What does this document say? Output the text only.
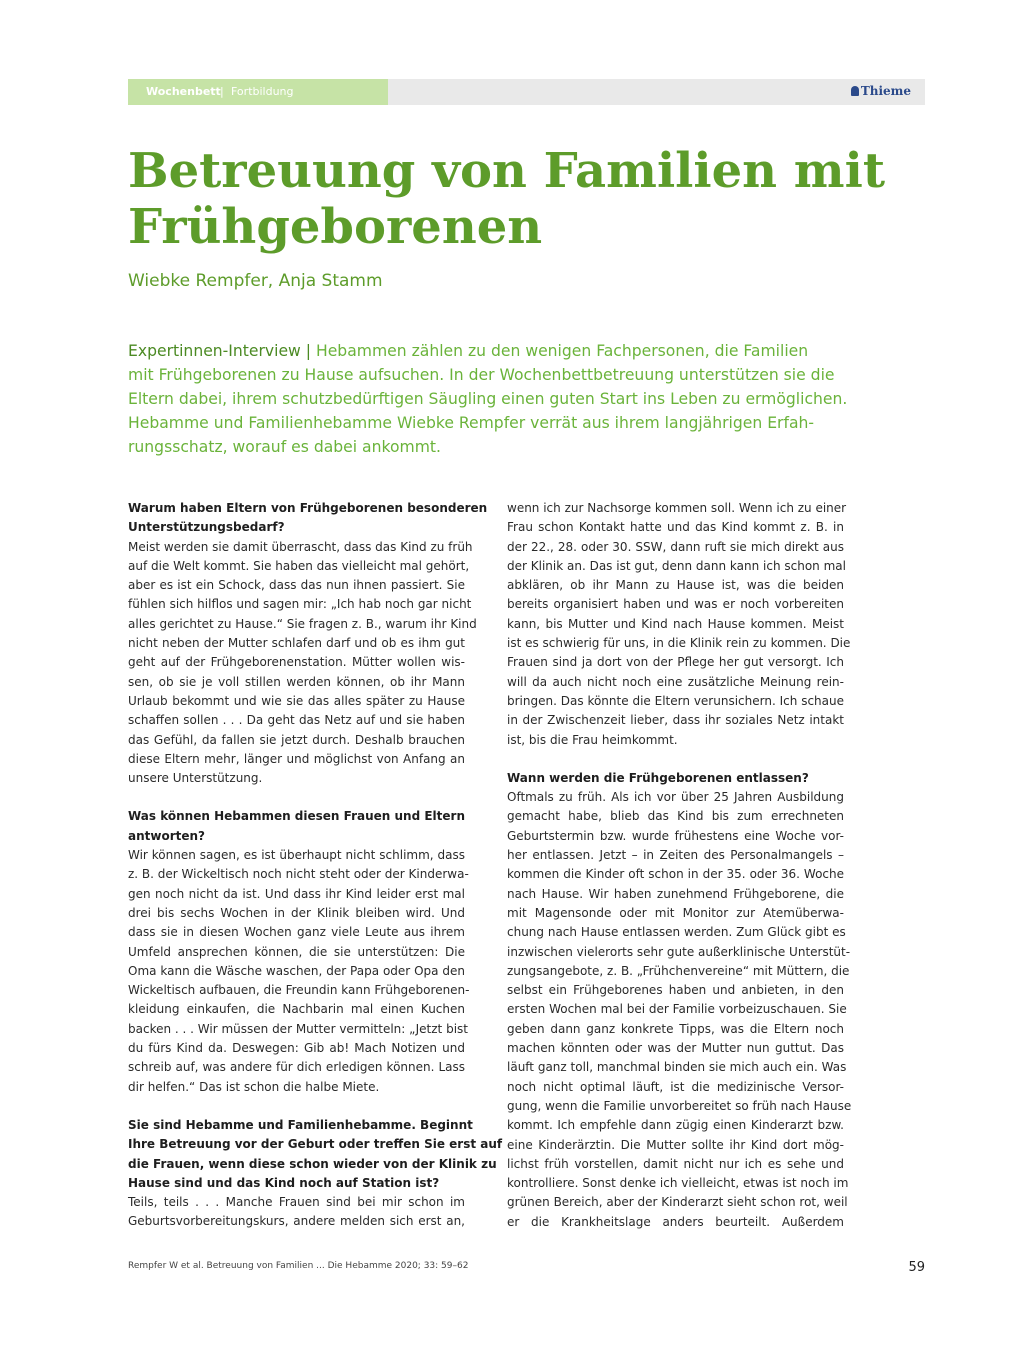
Wochenbett | Fortbildung	Thieme
Betreuung von Familien mit
Frühgeborenen
Wiebke Rempfer, Anja Stamm
Expertinnen-Interview | Hebammen zählen zu den wenigen Fachpersonen, die Familien
mit Frühgeborenen zu Hause aufsuchen. In der Wochenbettbetreuung unterstützen sie die
Eltern dabei, ihrem schutzbedürftigen Säugling einen guten Start ins Leben zu ermöglichen.
Hebamme und Familienhebamme Wiebke Rempfer verrät aus ihrem langjährigen Erfah-
rungsschatz, worauf es dabei ankommt.
Warum haben Eltern von Frühgeborenen besonderen
Unterstützungsbedarf?
Meist werden sie damit überrascht, dass das Kind zu früh
auf die Welt kommt. Sie haben das vielleicht mal gehört,
aber es ist ein Schock, dass das nun ihnen passiert. Sie
fühlen sich hilflos und sagen mir: „Ich hab noch gar nicht
alles gerichtet zu Hause.“ Sie fragen z. B., warum ihr Kind
nicht neben der Mutter schlafen darf und ob es ihm gut
geht auf der Frühgeborenenstation. Mütter wollen wis-
sen, ob sie je voll stillen werden können, ob ihr Mann
Urlaub bekommt und wie sie das alles später zu Hause
schaffen sollen . . . Da geht das Netz auf und sie haben
das Gefühl, da fallen sie jetzt durch. Deshalb brauchen
diese Eltern mehr, länger und möglichst von Anfang an
unsere Unterstützung.
Was können Hebammen diesen Frauen und Eltern
antworten?
Wir können sagen, es ist überhaupt nicht schlimm, dass
z. B. der Wickeltisch noch nicht steht oder der Kinderwa-
gen noch nicht da ist. Und dass ihr Kind leider erst mal
drei bis sechs Wochen in der Klinik bleiben wird. Und
dass sie in diesen Wochen ganz viele Leute aus ihrem
Umfeld ansprechen können, die sie unterstützen: Die
Oma kann die Wäsche waschen, der Papa oder Opa den
Wickeltisch aufbauen, die Freundin kann Frühgeborenen-
kleidung einkaufen, die Nachbarin mal einen Kuchen
backen . . . Wir müssen der Mutter vermitteln: „Jetzt bist
du fürs Kind da. Deswegen: Gib ab! Mach Notizen und
schreib auf, was andere für dich erledigen können. Lass
dir helfen.“ Das ist schon die halbe Miete.
Sie sind Hebamme und Familienhebamme. Beginnt
Ihre Betreuung vor der Geburt oder treffen Sie erst auf
die Frauen, wenn diese schon wieder von der Klinik zu
Hause sind und das Kind noch auf Station ist?
Teils, teils . . . Manche Frauen sind bei mir schon im
Geburtsvorbereitungskurs, andere melden sich erst an,
wenn ich zur Nachsorge kommen soll. Wenn ich zu einer
Frau schon Kontakt hatte und das Kind kommt z. B. in
der 22., 28. oder 30. SSW, dann ruft sie mich direkt aus
der Klinik an. Das ist gut, denn dann kann ich schon mal
abklären, ob ihr Mann zu Hause ist, was die beiden
bereits organisiert haben und was er noch vorbereiten
kann, bis Mutter und Kind nach Hause kommen. Meist
ist es schwierig für uns, in die Klinik rein zu kommen. Die
Frauen sind ja dort von der Pflege her gut versorgt. Ich
will da auch nicht noch eine zusätzliche Meinung rein-
bringen. Das könnte die Eltern verunsichern. Ich schaue
in der Zwischenzeit lieber, dass ihr soziales Netz intakt
ist, bis die Frau heimkommt.
Wann werden die Frühgeborenen entlassen?
Oftmals zu früh. Als ich vor über 25 Jahren Ausbildung
gemacht habe, blieb das Kind bis zum errechneten
Geburtstermin bzw. wurde frühestens eine Woche vor-
her entlassen. Jetzt – in Zeiten des Personalmangels –
kommen die Kinder oft schon in der 35. oder 36. Woche
nach Hause. Wir haben zunehmend Frühgeborene, die
mit Magensonde oder mit Monitor zur Atemüberwa-
chung nach Hause entlassen werden. Zum Glück gibt es
inzwischen vielerorts sehr gute außerklinische Unterstüt-
zungsangebote, z. B. „Frühchenvereine“ mit Müttern, die
selbst ein Frühgeborenes haben und anbieten, in den
ersten Wochen mal bei der Familie vorbeizuschauen. Sie
geben dann ganz konkrete Tipps, was die Eltern noch
machen könnten oder was der Mutter nun guttut. Das
läuft ganz toll, manchmal binden sie mich auch ein. Was
noch nicht optimal läuft, ist die medizinische Versor-
gung, wenn die Familie unvorbereitet so früh nach Hause
kommt. Ich empfehle dann zügig einen Kinderarzt bzw.
eine Kinderärztin. Die Mutter sollte ihr Kind dort mög-
lichst früh vorstellen, damit nicht nur ich es sehe und
kontrolliere. Sonst denke ich vielleicht, etwas ist noch im
grünen Bereich, aber der Kinderarzt sieht schon rot, weil
er die Krankheitslage anders beurteilt. Außerdem
Rempfer W et al. Betreuung von Familien ... Die Hebamme 2020; 33: 59–62	59
